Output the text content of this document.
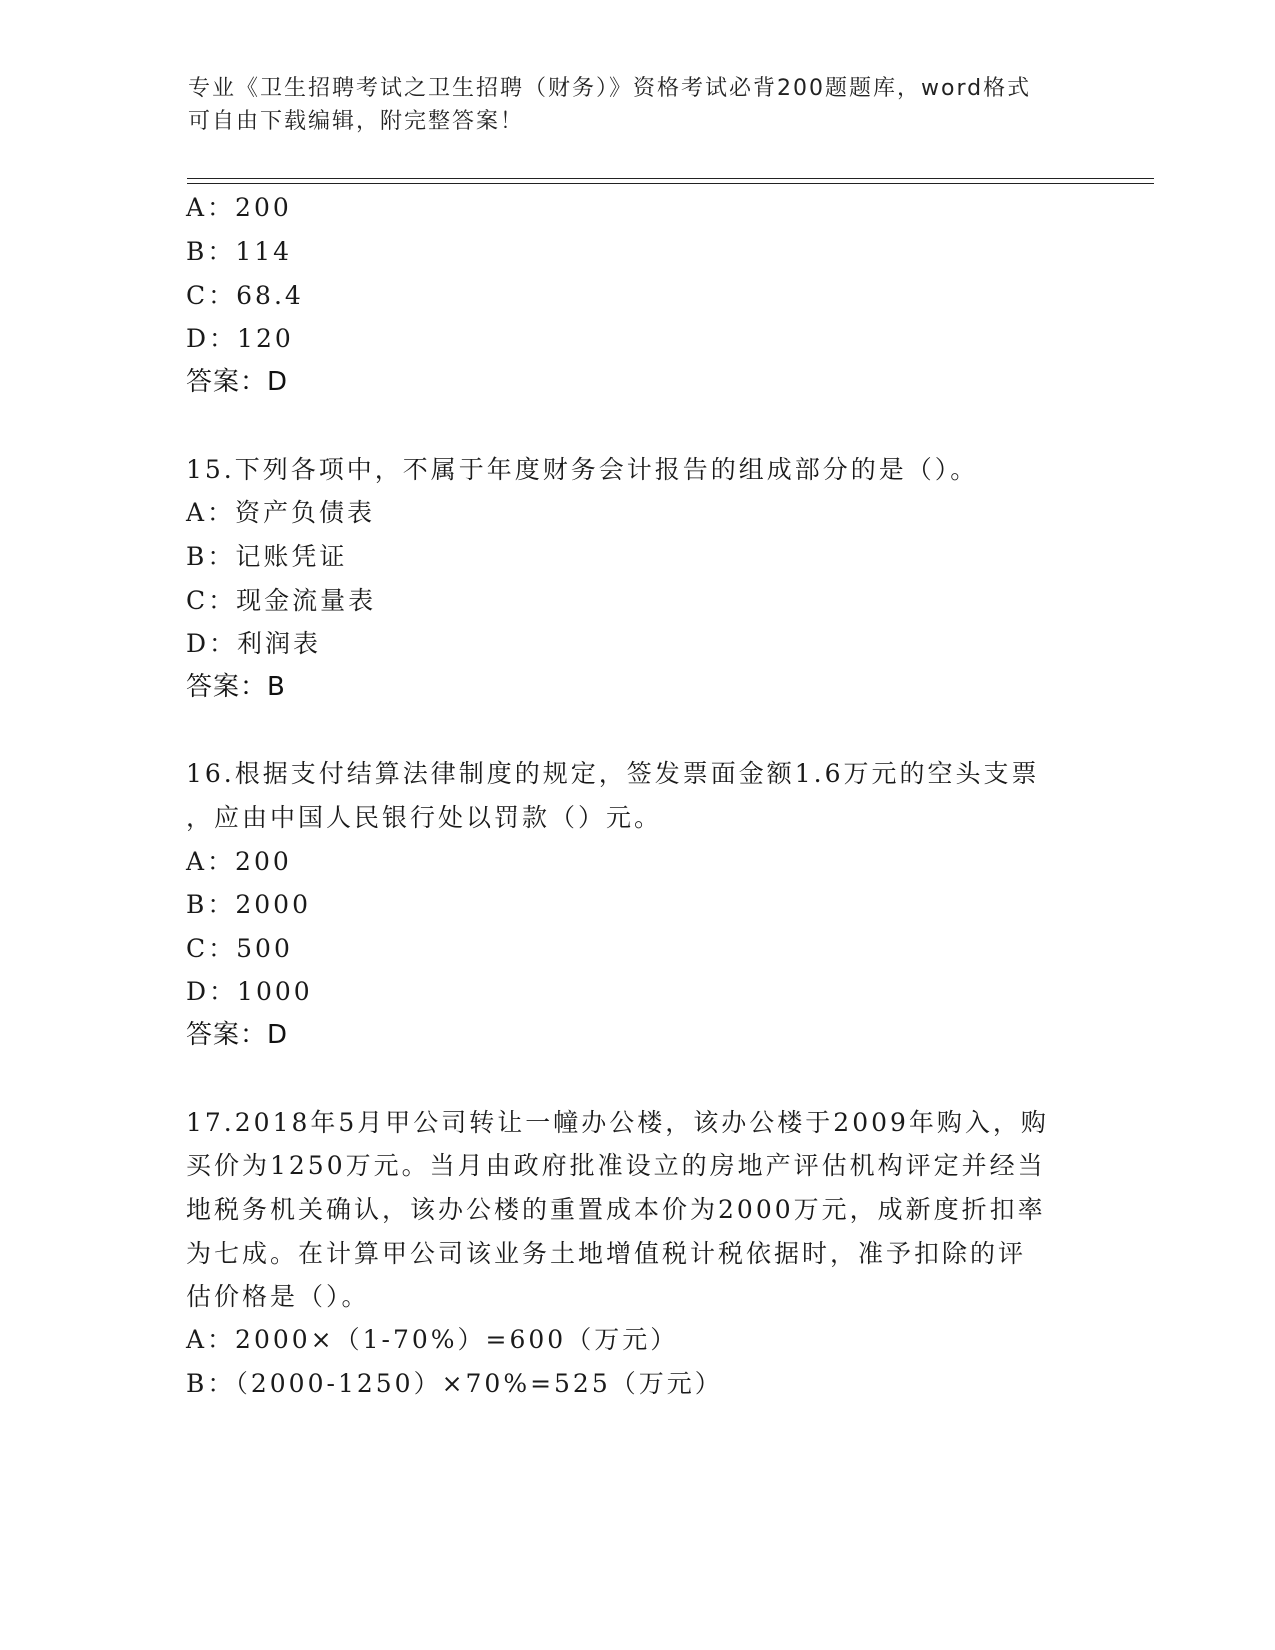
专业《卫生招聘考试之卫生招聘（财务）》资格考试必背200题题库，word格式
可自由下载编辑，附完整答案！
A：200
B：114
C：68.4
D：120
答案：D
15.下列各项中，不属于年度财务会计报告的组成部分的是（）。
A：资产负债表
B：记账凭证
C：现金流量表
D：利润表
答案：B
16.根据支付结算法律制度的规定，签发票面金额1.6万元的空头支票
，应由中国人民银行处以罚款（）元。
A：200
B：2000
C：500
D：1000
答案：D
17.2018年5月甲公司转让一幢办公楼，该办公楼于2009年购入，购
买价为1250万元。当月由政府批准设立的房地产评估机构评定并经当
地税务机关确认，该办公楼的重置成本价为2000万元，成新度折扣率
为七成。在计算甲公司该业务土地增值税计税依据时，准予扣除的评
估价格是（）。
A：2000×（1-70%）=600（万元）
B：（2000-1250）×70%=525（万元）
